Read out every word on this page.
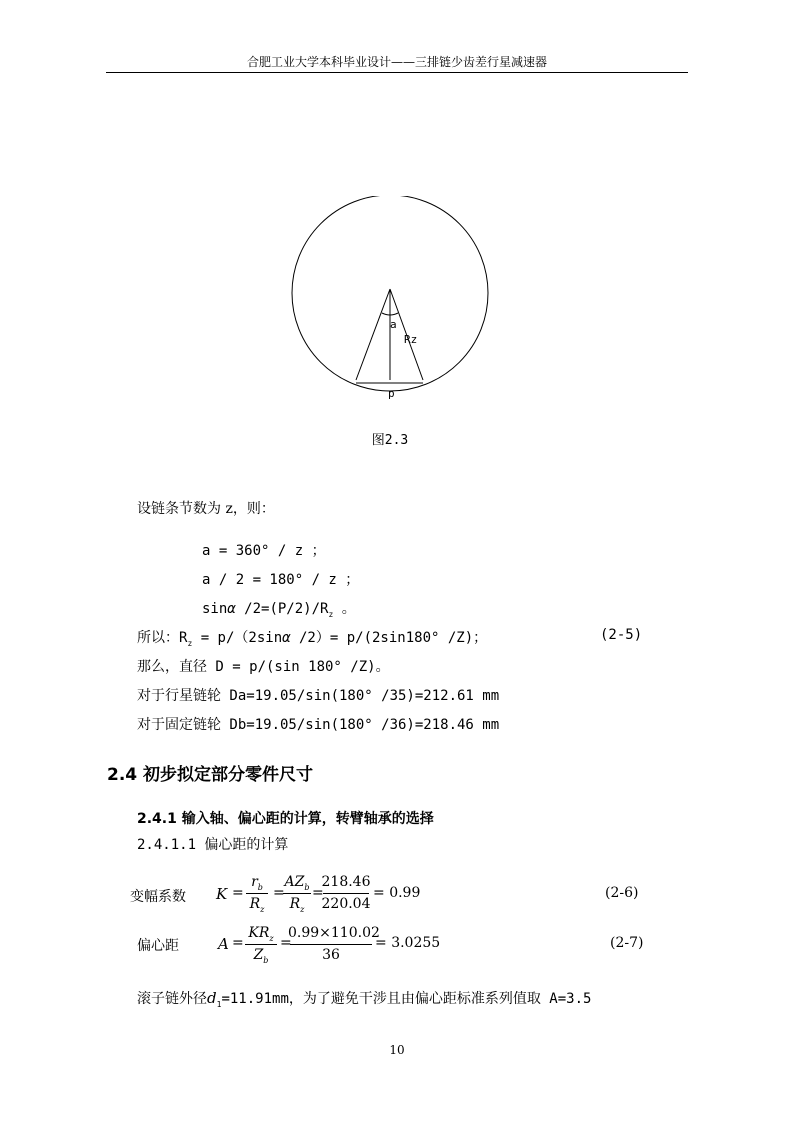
合肥工业大学本科毕业设计——三排链少齿差行星减速器
a
Rz
p
图2.3
设链条节数为 z，则：
a = 360° / z ；
a / 2 = 180° / z ；
sinα $/2=(P/2)/R_z$ 。
所以：$R_z = p/(2\sin\alpha$ /2）= p/(2sin180° /Z)；	(2-5)
那么，直径 D = p/(sin 180° /Z)。
对于行星链轮 Da=19.05/sin(180° /35)=212.61 mm
对于固定链轮 Db=19.05/sin(180° /36)=218.46 mm
2.4 初步拟定部分零件尺寸
2.4.1 输入轴、偏心距的计算，转臂轴承的选择
2.4.1.1 偏心距的计算
变幅系数 K =
$r_b$
$R_z$
=
$AZ_b$
$R_z$
=
218.46
220.04
= 0.99	(2-6)
偏心距	A =
$KR_z$
$Z_b$
=
0.99×110.02
36
= 3.0255	(2-7)
滚子链外径$d_1=11.91mm$，为了避免干涉且由偏心距标准系列值取 A=3.5
10
